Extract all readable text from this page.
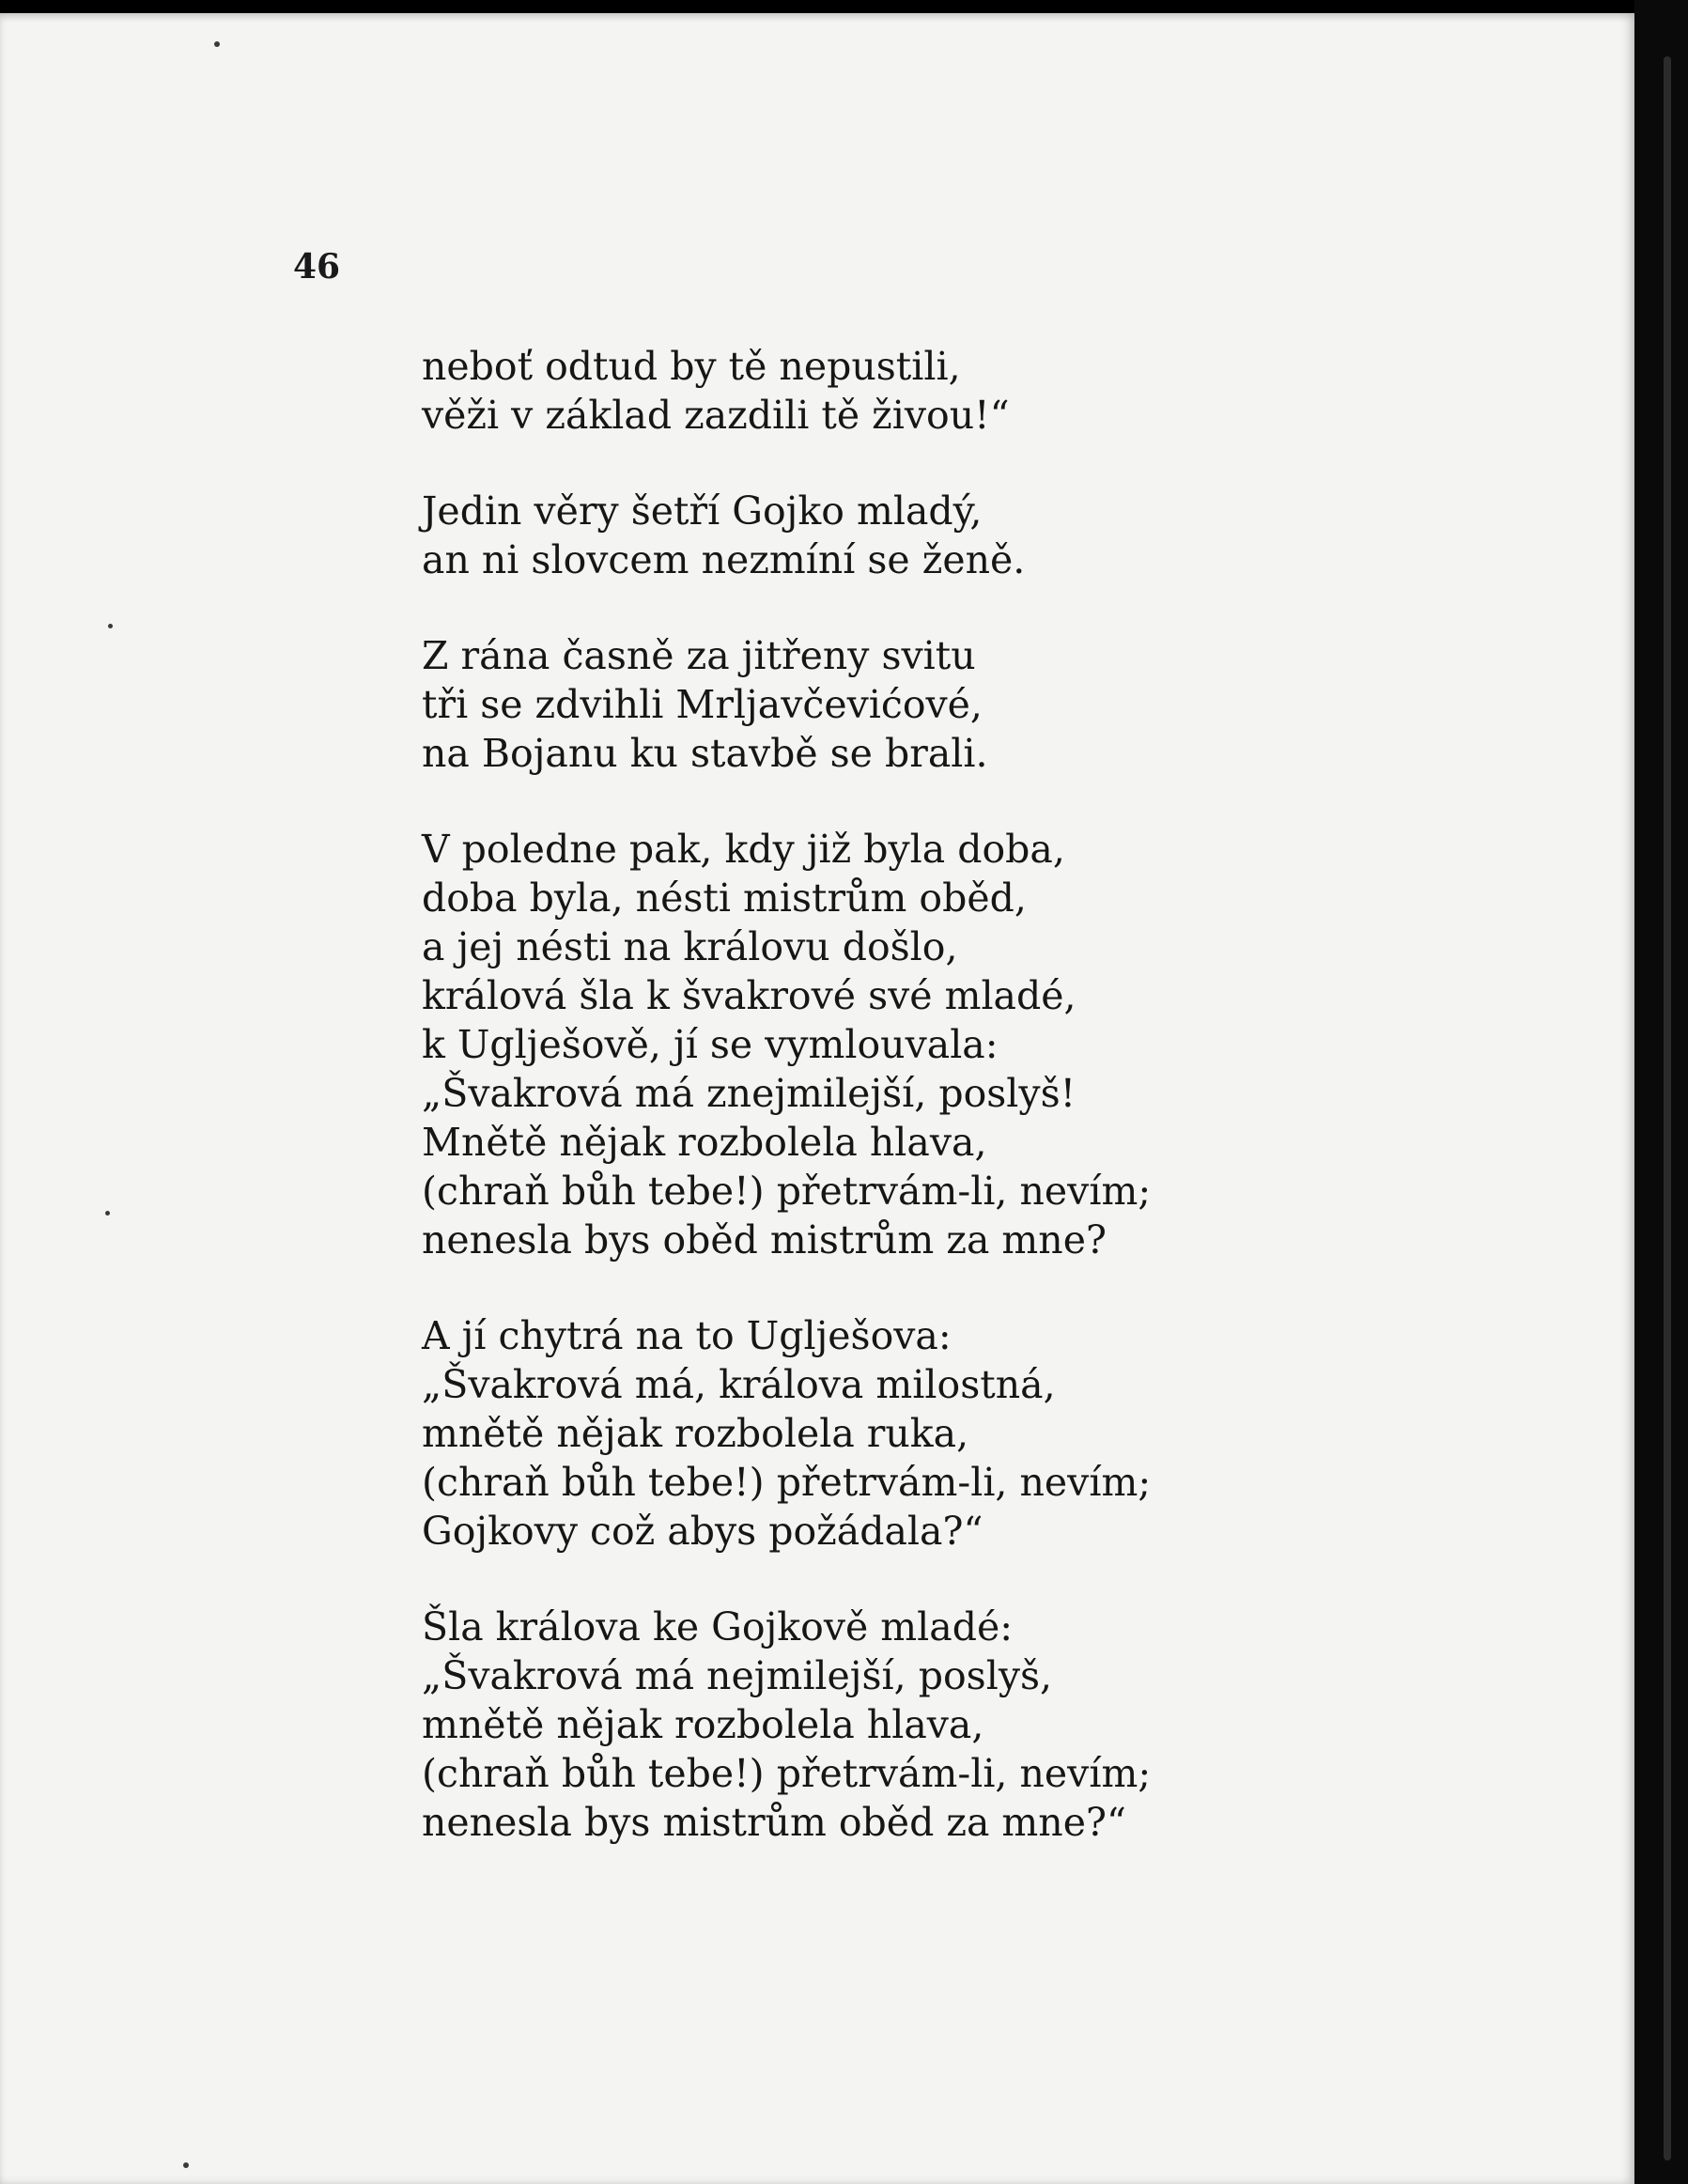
46
neboť odtud by tě nepustili,
věži v základ zazdili tě živou!“
Jedin věry šetří Gojko mladý,
an ni slovcem nezmíní se ženě.
Z rána časně za jitřeny svitu
tři se zdvihli Mrljavčevićové,
na Bojanu ku stavbě se brali.
V poledne pak, kdy již byla doba,
doba byla, nésti mistrům oběd,
a jej nésti na královu došlo,
králová šla k švakrové své mladé,
k Uglješově, jí se vymlouvala:
„Švakrová má znejmilejší, poslyš!
Mnětě nějak rozbolela hlava,
(chraň bůh tebe!) přetrvám-li, nevím;
nenesla bys oběd mistrům za mne?
A jí chytrá na to Uglješova:
„Švakrová má, králova milostná,
mnětě nějak rozbolela ruka,
(chraň bůh tebe!) přetrvám-li, nevím;
Gojkovy což abys požádala?“
Šla králova ke Gojkově mladé:
„Švakrová má nejmilejší, poslyš,
mnětě nějak rozbolela hlava,
(chraň bůh tebe!) přetrvám-li, nevím;
nenesla bys mistrům oběd za mne?“
